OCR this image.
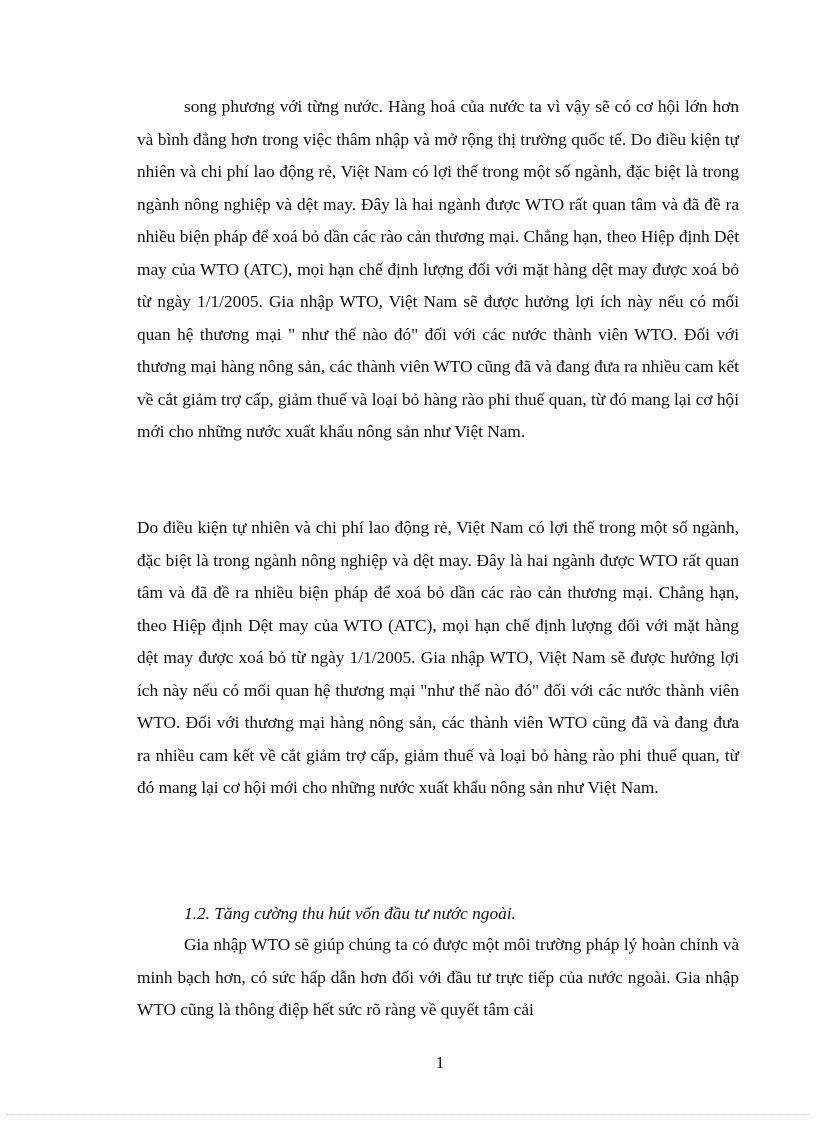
song phương với từng nước. Hàng hoá của nước ta vì vậy sẽ có cơ hội lớn hơn và bình đẳng hơn trong việc thâm nhập và mở rộng thị trường quốc tế. Do điều kiện tự nhiên và chi phí lao động rẻ, Việt Nam có lợi thế trong một số ngành, đặc biệt là trong ngành nông nghiệp và dệt may. Đây là hai ngành được WTO rất quan tâm và đã đề ra nhiều biện pháp để xoá bỏ dần các rào cản thương mại. Chẳng hạn, theo Hiệp định Dệt may của WTO (ATC), mọi hạn chế định lượng đối với mặt hàng dệt may được xoá bỏ từ ngày 1/1/2005. Gia nhập WTO, Việt Nam sẽ được hưởng lợi ích này nếu có mối quan hệ thương mại " như thế nào đó" đối với các nước thành viên WTO. Đối với thương mại hàng nông sản, các thành viên WTO cũng đã và đang đưa ra nhiều cam kết về cắt giảm trợ cấp, giảm thuế và loại bỏ hàng rào phi thuế quan, từ đó mang lại cơ hội mới cho những nước xuất khẩu nông sản như Việt Nam.

Do điều kiện tự nhiên và chi phí lao động rẻ, Việt Nam có lợi thế trong một số ngành, đặc biệt là trong ngành nông nghiệp và dệt may. Đây là hai ngành được WTO rất quan tâm và đã đề ra nhiều biện pháp để xoá bỏ dần các rào cản thương mại. Chẳng hạn, theo Hiệp định Dệt may của WTO (ATC), mọi hạn chế định lượng đối với mặt hàng dệt may được xoá bỏ từ ngày 1/1/2005. Gia nhập WTO, Việt Nam sẽ được hưởng lợi ích này nếu có mối quan hệ thương mại "như thế nào đó" đối với các nước thành viên WTO. Đối với thương mại hàng nông sản, các thành viên WTO cũng đã và đang đưa ra nhiều cam kết về cắt giảm trợ cấp, giảm thuế và loại bỏ hàng rào phi thuế quan, từ đó mang lại cơ hội mới cho những nước xuất khẩu nông sản như Việt Nam.

1.2. Tăng cường thu hút vốn đầu tư nước ngoài.

Gia nhập WTO sẽ giúp chúng ta có được một môi trường pháp lý hoàn chỉnh và minh bạch hơn, có sức hấp dẫn hơn đối với đầu tư trực tiếp của nước ngoài. Gia nhập WTO cũng là thông điệp hết sức rõ ràng về quyết tâm cải

1
